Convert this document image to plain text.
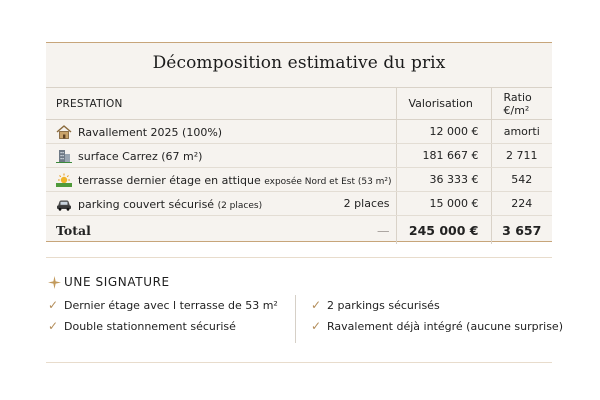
Décomposition estimative du prix
PRESTATION		Valorisation	Ratio €/m²
Ravallement 2025 (100%)		12 000 €	amorti
surface Carrez (67 m²)		181 667 €	2 711
terrasse dernier étage en attique exposée Nord et Est (53 m²)		36 333 €	542
parking couvert sécurisé (2 places)	2 places	15 000 €	224
Total	—	245 000 €	3 657
UNE SIGNATURE
✓ Dernier étage avec l terrasse de 53 m²
✓ Double stationnement sécurisé
✓ 2 parkings sécurisés
✓ Ravalement déjà intégré (aucune surprise)
